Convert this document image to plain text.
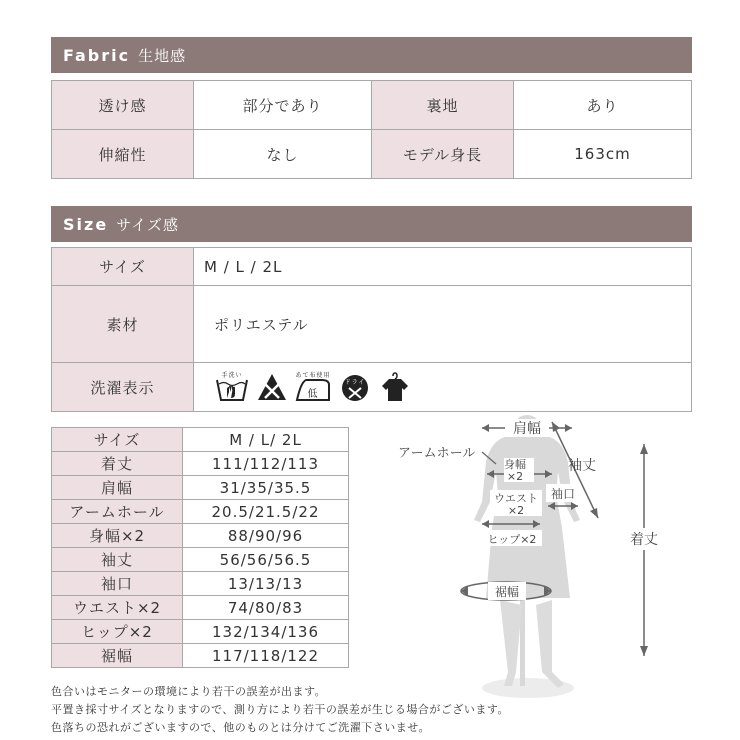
Fabric 生地感
透け感	部分であり	裏地	あり
伸縮性	なし	モデル身長	163cm
Size サイズ感
サイズ	M / L / 2L
素材	ポリエステル
洗濯表示	手洗い あて布使用
低
ドライ
サイズ	M / L/ 2L
着丈	111/112/113
肩幅	31/35/35.5
アームホール	20.5/21.5/22
身幅×2	88/90/96
袖丈	56/56/56.5
袖口	13/13/13
ウエスト×2	74/80/83
ヒップ×2	132/134/136
裾幅	117/118/122
肩幅
アームホール
身幅
×2
袖丈
ウエスト
×2
袖口
ヒップ×2
裾幅
着丈
色合いはモニターの環境により若干の誤差が出ます。
平置き採寸サイズとなりますので、測り方により若干の誤差が生じる場合がございます。
色落ちの恐れがございますので、他のものとは分けてご洗濯下さいませ。
